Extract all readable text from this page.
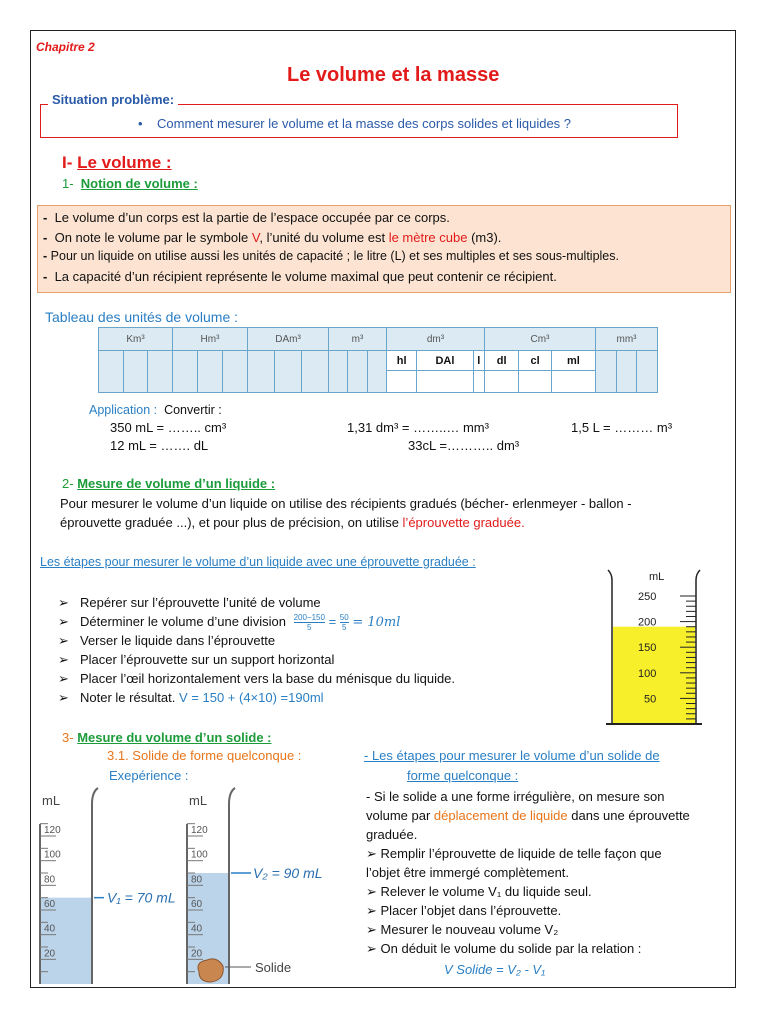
Chapitre 2
Le volume et la masse
Situation problème:
•    Comment mesurer le volume et la masse des corps solides et liquides ?
I- Le volume :
1- Notion de volume :
- Le volume d’un corps est la partie de l’espace occupée par ce corps.
- On note le volume par le symbole V, l’unité du volume est le mètre cube (m3).
- Pour un liquide on utilise aussi les unités de capacité ; le litre (L) et ses multiples et ses sous-multiples.
- La capacité d’un récipient représente le volume maximal que peut contenir ce récipient.
Tableau des unités de volume :
Km³			Hm³			DAm³			m³			dm³			Cm³			mm³		
												hl	DAl	l	dl	cl	ml			

Application : Convertir :
350 mL = …….. cm³	1,31 dm³ = ……..… mm³	1,5 L = ……… m³
12 mL = ……. dL	33cL =……….. dm³
2- Mesure de volume d’un liquide :
Pour mesurer le volume d’un liquide on utilise des récipients gradués (bécher- erlenmeyer - ballon -
éprouvette graduée ...), et pour plus de précision, on utilise l’éprouvette graduée.
Les étapes pour mesurer le volume d’un liquide avec une éprouvette graduée :
➢ Repérer sur l’éprouvette l’unité de volume
➢ Déterminer le volume d’une division $\frac{200-150}{5} = \frac{50}{5} = 10ml$
➢ Verser le liquide dans l’éprouvette
➢ Placer l’éprouvette sur un support horizontal
➢ Placer l’œil horizontalement vers la base du ménisque du liquide.
➢ Noter le résultat. V = 150 + (4×10) =190ml
mL
250
200
150
100
50
3- Mesure du volume d’un solide :
3.1. Solide de forme quelconque :
Exepérience :
- Les étapes pour mesurer le volume d’un solide de
forme quelconque :
- Si le solide a une forme irrégulière, on mesure son
volume par déplacement de liquide dans une éprouvette
graduée.
➢ Remplir l’éprouvette de liquide de telle façon que
l’objet être immergé complètement.
➢ Relever le volume V₁ du liquide seul.
➢ Placer l’objet dans l’éprouvette.
➢ Mesurer le nouveau volume V₂
➢ On déduit le volume du solide par la relation :
V Solide = V₂ - V₁
mL
120
100
80
60
40
20
V₁ = 70 mL
mL
120
100
80
60
40
20
V₂ = 90 mL
Solide
